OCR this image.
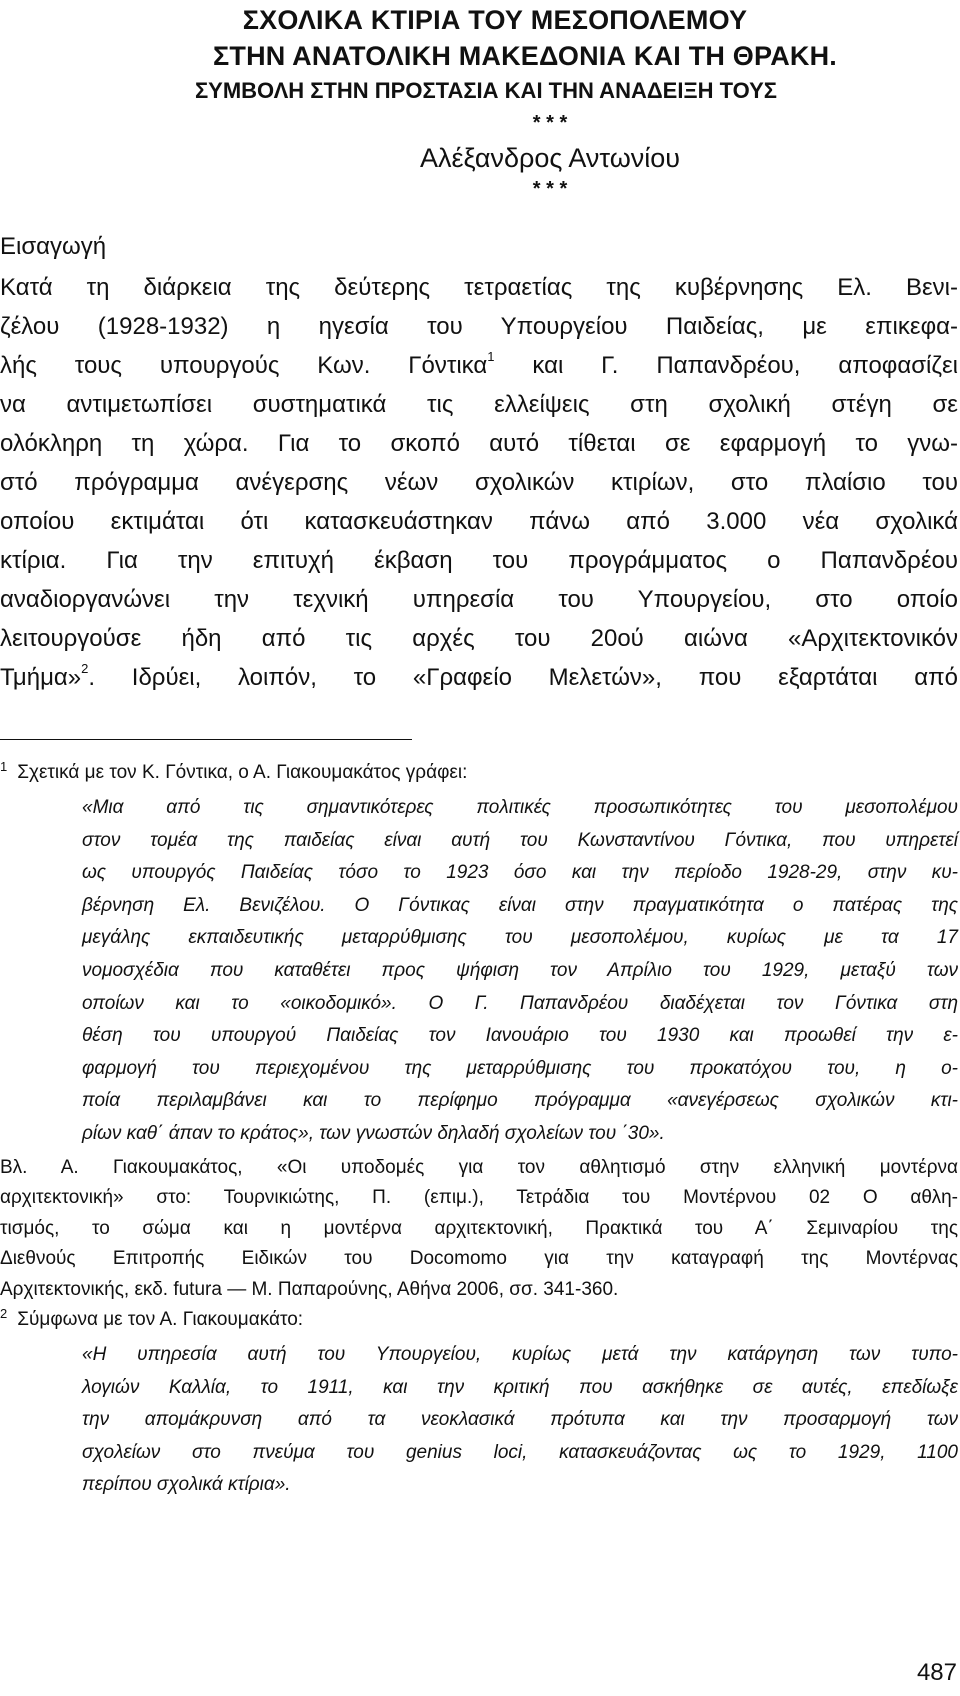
ΣΧΟΛΙΚΑ ΚΤΙΡΙΑ ΤΟΥ ΜΕΣΟΠΟΛΕΜΟΥ

ΣΤΗΝ ΑΝΑΤΟΛΙΚΗ ΜΑΚΕΔΟΝΙΑ ΚΑΙ ΤΗ ΘΡΑΚΗ.

ΣΥΜΒΟΛΗ ΣΤΗΝ ΠΡΟΣΤΑΣΙΑ ΚΑΙ ΤΗΝ ΑΝΑΔΕΙΞΗ ΤΟΥΣ

* * *

Αλέξανδρος Αντωνίου

* * *

Εισαγωγή

Κατά τη διάρκεια της δεύτερης τετραετίας της κυβέρνησης Ελ. Βενι-
ζέλου (1928-1932) η ηγεσία του Υπουργείου Παιδείας, με επικεφα-
λής τους υπουργούς Κων. Γόντικα$^1$ και Γ. Παπανδρέου, αποφασίζει
να αντιμετωπίσει συστηματικά τις ελλείψεις στη σχολική στέγη σε
ολόκληρη τη χώρα. Για το σκοπό αυτό τίθεται σε εφαρμογή το γνω-
στό πρόγραμμα ανέγερσης νέων σχολικών κτιρίων, στο πλαίσιο του
οποίου εκτιμάται ότι κατασκευάστηκαν πάνω από 3.000 νέα σχολικά
κτίρια. Για την επιτυχή έκβαση του προγράμματος ο Παπανδρέου
αναδιοργανώνει την τεχνική υπηρεσία του Υπουργείου, στο οποίο
λειτουργούσε ήδη από τις αρχές του 20ού αιώνα «Αρχιτεκτονικόν
Τμήμα»$^2$. Ιδρύει, λοιπόν, το «Γραφείο Μελετών», που εξαρτάται από
$^1$ Σχετικά με τον Κ. Γόντικα, ο Α. Γιακουμακάτος γράφει:
«Μια από τις σημαντικότερες πολιτικές προσωπικότητες του μεσοπολέμου
στον τομέα της παιδείας είναι αυτή του Κωνσταντίνου Γόντικα, που υπηρετεί
ως υπουργός Παιδείας τόσο το 1923 όσο και την περίοδο 1928-29, στην κυ-
βέρνηση Ελ. Βενιζέλου. Ο Γόντικας είναι στην πραγματικότητα ο πατέρας της
μεγάλης εκπαιδευτικής μεταρρύθμισης του μεσοπολέμου, κυρίως με τα 17
νομοσχέδια που καταθέτει προς ψήφιση τον Απρίλιο του 1929, μεταξύ των
οποίων και το «οικοδομικό». Ο Γ. Παπανδρέου διαδέχεται τον Γόντικα στη
θέση του υπουργού Παιδείας τον Ιανουάριο του 1930 και προωθεί την ε-
φαρμογή του περιεχομένου της μεταρρύθμισης του προκατόχου του, η ο-
ποία περιλαμβάνει και το περίφημο πρόγραμμα «ανεγέρσεως σχολικών κτι-
ρίων καθ΄ άπαν το κράτος», των γνωστών δηλαδή σχολείων του ΄30».
Βλ. Α. Γιακουμακάτος, «Οι υποδομές για τον αθλητισμό στην ελληνική μοντέρνα
αρχιτεκτονική» στο: Τουρνικιώτης, Π. (επιμ.), Τετράδια του Μοντέρνου 02 Ο αθλη-
τισμός, το σώμα και η μοντέρνα αρχιτεκτονική, Πρακτικά του Α΄ Σεμιναρίου της
Διεθνούς Επιτροπής Ειδικών του Docomomo για την καταγραφή της Μοντέρνας
Αρχιτεκτονικής, εκδ. futura — Μ. Παπαρούνης, Αθήνα 2006, σσ. 341-360.
$^2$ Σύμφωνα με τον Α. Γιακουμακάτο:
«Η υπηρεσία αυτή του Υπουργείου, κυρίως μετά την κατάργηση των τυπο-
λογιών Καλλία, το 1911, και την κριτική που ασκήθηκε σε αυτές, επεδίωξε
την απομάκρυνση από τα νεοκλασικά πρότυπα και την προσαρμογή των
σχολείων στο πνεύμα του genius loci, κατασκευάζοντας ως το 1929, 1100
περίπου σχολικά κτίρια».

487
